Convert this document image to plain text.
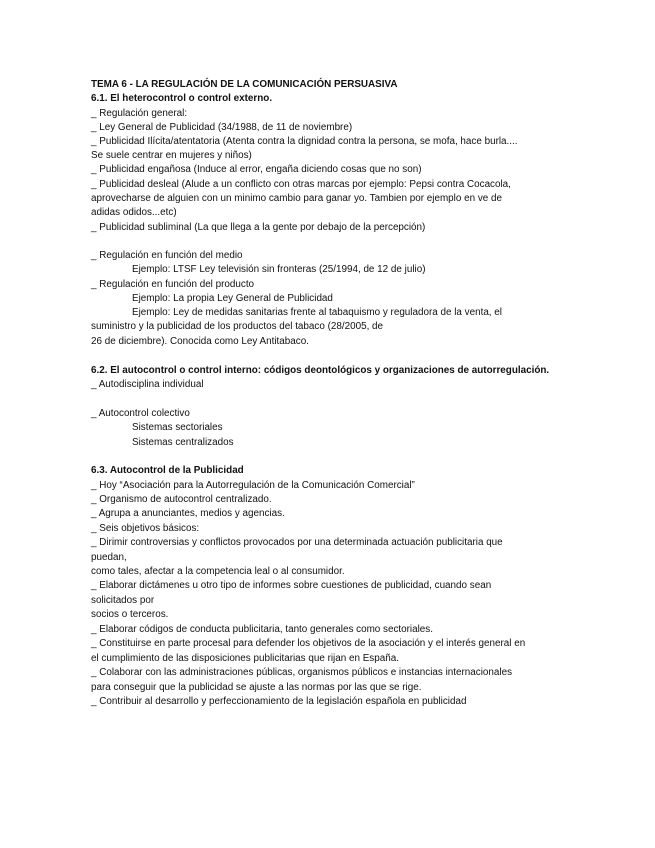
TEMA 6 - LA REGULACIÓN DE LA COMUNICACIÓN PERSUASIVA

6.1. El heterocontrol o control externo.

_ Regulación general:

_ Ley General de Publicidad (34/1988, de 11 de noviembre)

_ Publicidad Ilícita/atentatoria (Atenta contra la dignidad contra la persona, se mofa, hace burla....

Se suele centrar en mujeres y niños)

_ Publicidad engañosa (Induce al error, engaña diciendo cosas que no son)

_ Publicidad desleal (Alude a un conflicto con otras marcas por ejemplo: Pepsi contra Cocacola,

aprovecharse de alguien con un minimo cambio para ganar yo. Tambien por ejemplo en ve de

adidas odidos...etc)

_ Publicidad subliminal (La que llega a la gente por debajo de la percepción)

_ Regulación en función del medio

Ejemplo: LTSF Ley televisión sin fronteras (25/1994, de 12 de julio)

_ Regulación en función del producto

Ejemplo: La propia Ley General de Publicidad

Ejemplo: Ley de medidas sanitarias frente al tabaquismo y reguladora de la venta, el

suministro y la publicidad de los productos del tabaco (28/2005, de

26 de diciembre). Conocida como Ley Antitabaco.

6.2. El autocontrol o control interno: códigos deontológicos y organizaciones de autorregulación.

_ Autodisciplina individual

_ Autocontrol colectivo

Sistemas sectoriales

Sistemas centralizados

6.3. Autocontrol de la Publicidad

_ Hoy “Asociación para la Autorregulación de la Comunicación Comercial”

_ Organismo de autocontrol centralizado.

_ Agrupa a anunciantes, medios y agencias.

_ Seis objetivos básicos:

_ Dirimir controversias y conflictos provocados por una determinada actuación publicitaria que

puedan,

como tales, afectar a la competencia leal o al consumidor.

_ Elaborar dictámenes u otro tipo de informes sobre cuestiones de publicidad, cuando sean

solicitados por

socios o terceros.

_ Elaborar códigos de conducta publicitaria, tanto generales como sectoriales.

_ Constituirse en parte procesal para defender los objetivos de la asociación y el interés general en

el cumplimiento de las disposiciones publicitarias que rijan en España.

_ Colaborar con las administraciones públicas, organismos públicos e instancias internacionales

para conseguir que la publicidad se ajuste a las normas por las que se rige.

_ Contribuir al desarrollo y perfeccionamiento de la legislación española en publicidad
